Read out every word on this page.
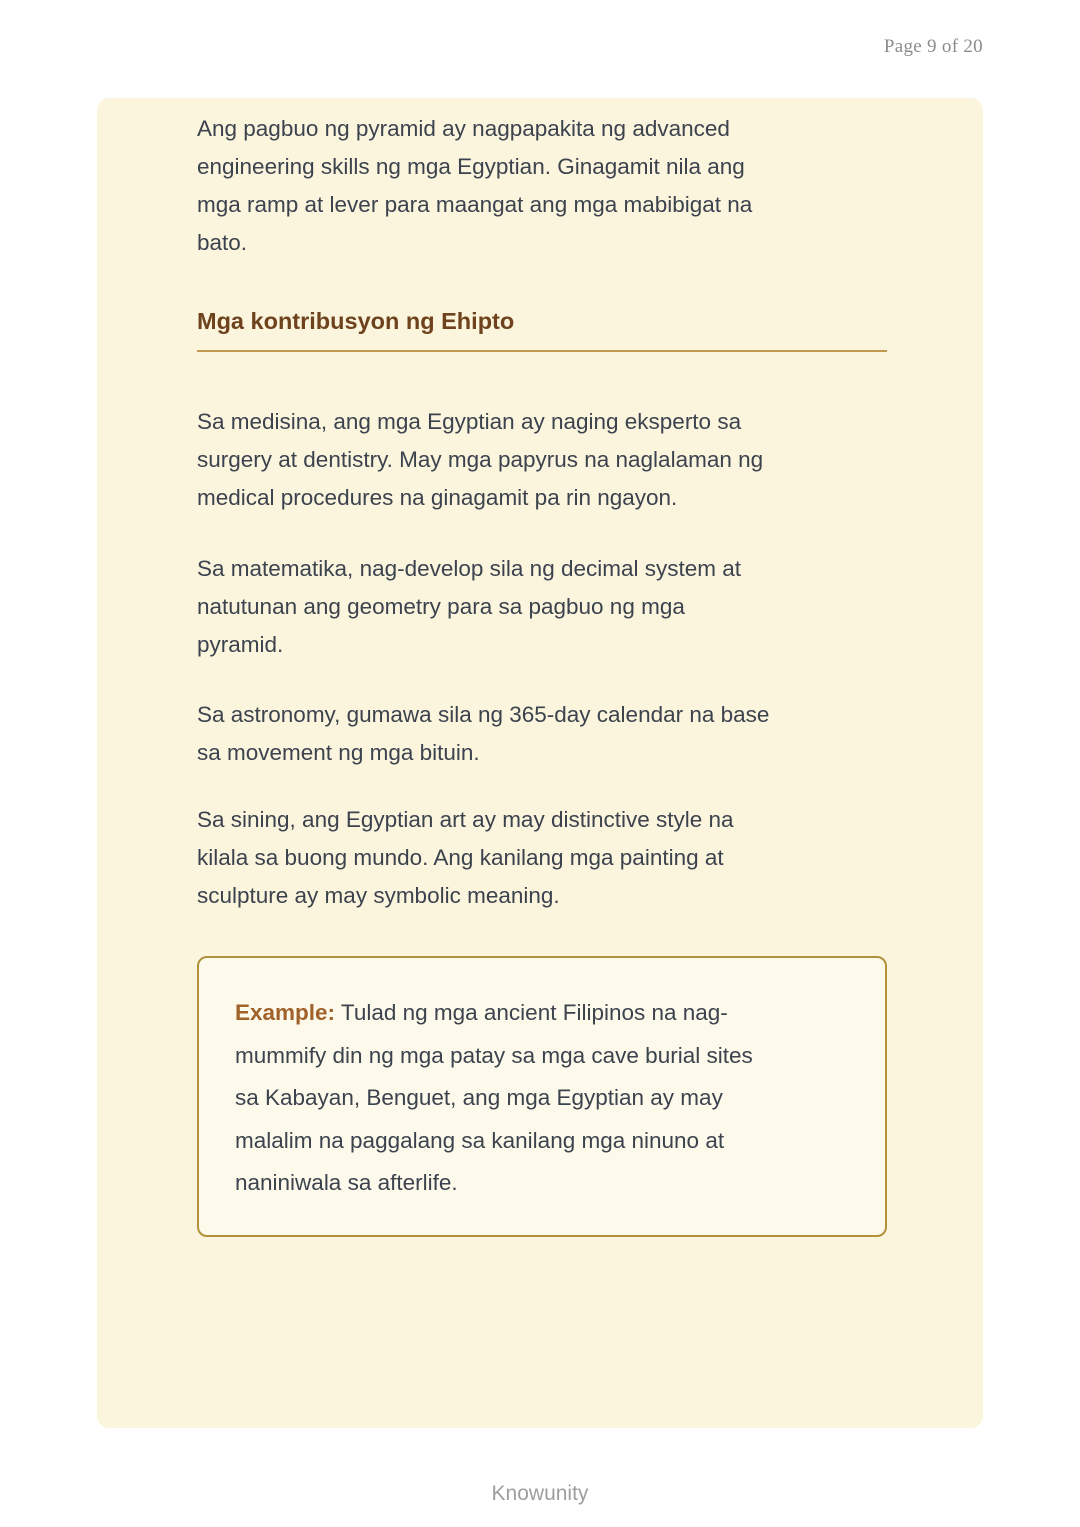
Page 9 of 20

Ang pagbuo ng pyramid ay nagpapakita ng advanced
engineering skills ng mga Egyptian. Ginagamit nila ang
mga ramp at lever para maangat ang mga mabibigat na
bato.

Mga kontribusyon ng Ehipto

Sa medisina, ang mga Egyptian ay naging eksperto sa
surgery at dentistry. May mga papyrus na naglalaman ng
medical procedures na ginagamit pa rin ngayon.

Sa matematika, nag-develop sila ng decimal system at
natutunan ang geometry para sa pagbuo ng mga
pyramid.

Sa astronomy, gumawa sila ng 365-day calendar na base
sa movement ng mga bituin.

Sa sining, ang Egyptian art ay may distinctive style na
kilala sa buong mundo. Ang kanilang mga painting at
sculpture ay may symbolic meaning.

Example: Tulad ng mga ancient Filipinos na nag-
mummify din ng mga patay sa mga cave burial sites
sa Kabayan, Benguet, ang mga Egyptian ay may
malalim na paggalang sa kanilang mga ninuno at
naniniwala sa afterlife.

Knowunity
